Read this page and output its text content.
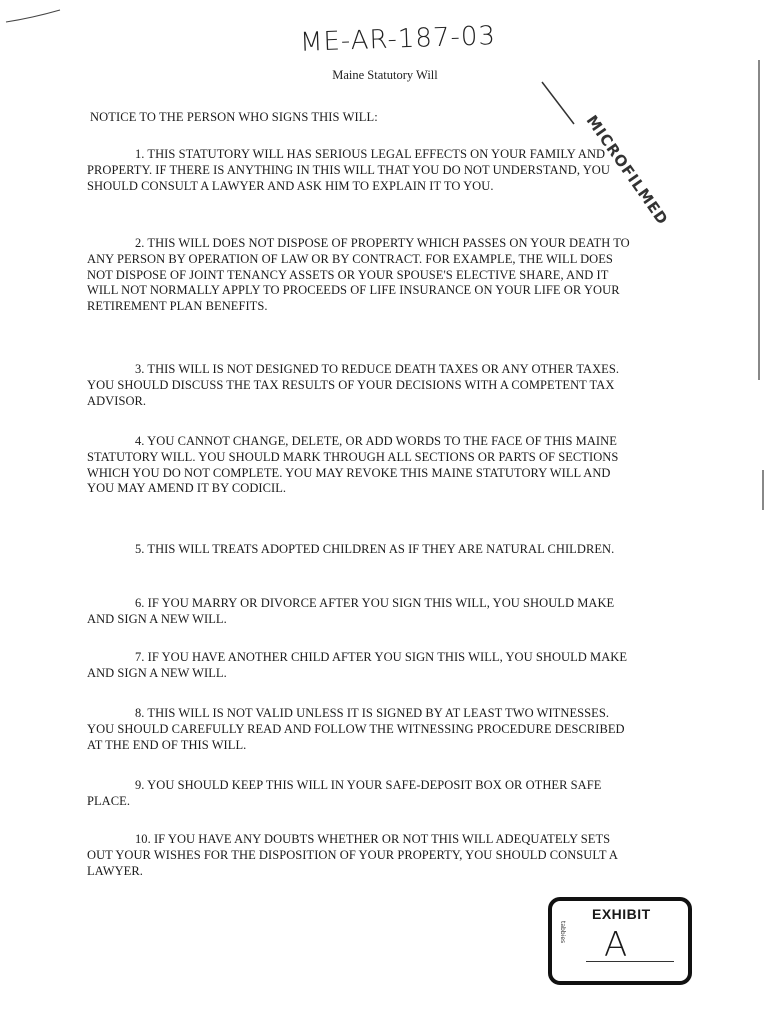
ME-AR-187-03
Maine Statutory Will
MICROFILMED
NOTICE TO THE PERSON WHO SIGNS THIS WILL:

1. THIS STATUTORY WILL HAS SERIOUS LEGAL EFFECTS ON YOUR FAMILY AND PROPERTY. IF THERE IS ANYTHING IN THIS WILL THAT YOU DO NOT UNDERSTAND, YOU SHOULD CONSULT A LAWYER AND ASK HIM TO EXPLAIN IT TO YOU.

2. THIS WILL DOES NOT DISPOSE OF PROPERTY WHICH PASSES ON YOUR DEATH TO ANY PERSON BY OPERATION OF LAW OR BY CONTRACT. FOR EXAMPLE, THE WILL DOES NOT DISPOSE OF JOINT TENANCY ASSETS OR YOUR SPOUSE'S ELECTIVE SHARE, AND IT WILL NOT NORMALLY APPLY TO PROCEEDS OF LIFE INSURANCE ON YOUR LIFE OR YOUR RETIREMENT PLAN BENEFITS.

3. THIS WILL IS NOT DESIGNED TO REDUCE DEATH TAXES OR ANY OTHER TAXES. YOU SHOULD DISCUSS THE TAX RESULTS OF YOUR DECISIONS WITH A COMPETENT TAX ADVISOR.

4. YOU CANNOT CHANGE, DELETE, OR ADD WORDS TO THE FACE OF THIS MAINE STATUTORY WILL. YOU SHOULD MARK THROUGH ALL SECTIONS OR PARTS OF SECTIONS WHICH YOU DO NOT COMPLETE. YOU MAY REVOKE THIS MAINE STATUTORY WILL AND YOU MAY AMEND IT BY CODICIL.

5. THIS WILL TREATS ADOPTED CHILDREN AS IF THEY ARE NATURAL CHILDREN.

6. IF YOU MARRY OR DIVORCE AFTER YOU SIGN THIS WILL, YOU SHOULD MAKE AND SIGN A NEW WILL.

7. IF YOU HAVE ANOTHER CHILD AFTER YOU SIGN THIS WILL, YOU SHOULD MAKE AND SIGN A NEW WILL.

8. THIS WILL IS NOT VALID UNLESS IT IS SIGNED BY AT LEAST TWO WITNESSES. YOU SHOULD CAREFULLY READ AND FOLLOW THE WITNESSING PROCEDURE DESCRIBED AT THE END OF THIS WILL.

9. YOU SHOULD KEEP THIS WILL IN YOUR SAFE-DEPOSIT BOX OR OTHER SAFE PLACE.

10. IF YOU HAVE ANY DOUBTS WHETHER OR NOT THIS WILL ADEQUATELY SETS OUT YOUR WISHES FOR THE DISPOSITION OF YOUR PROPERTY, YOU SHOULD CONSULT A LAWYER.

tabbies
EXHIBIT
A
